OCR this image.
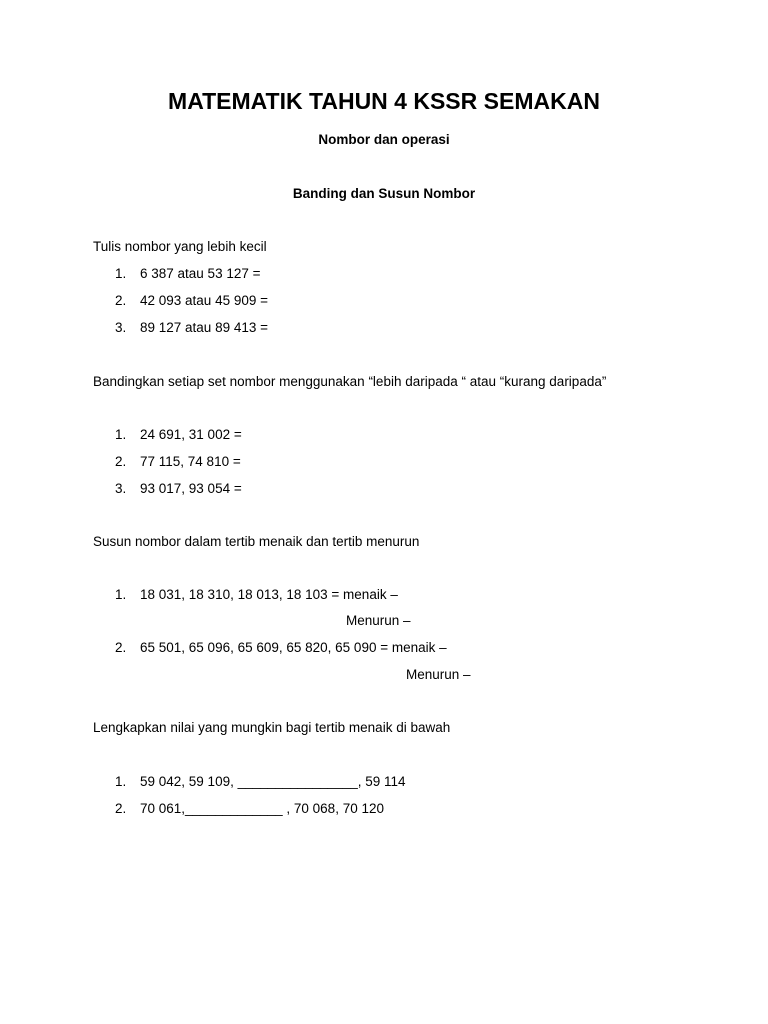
MATEMATIK TAHUN 4 KSSR SEMAKAN
Nombor dan operasi
Banding dan Susun Nombor
Tulis nombor yang lebih kecil
1.	6 387 atau 53 127 =
2.	42 093 atau 45 909 =
3.	89 127 atau 89 413 =
Bandingkan setiap set nombor menggunakan “lebih daripada “ atau “kurang daripada”
1.	24 691, 31 002 =
2.	77 115, 74 810 =
3.	93 017, 93 054 =
Susun nombor dalam tertib menaik dan tertib menurun
1.	18 031, 18 310, 18 013, 18 103 = menaik –
Menurun –
2.	65 501, 65 096, 65 609, 65 820, 65 090 = menaik –
Menurun –
Lengkapkan nilai yang mungkin bagi tertib menaik di bawah
1.	59 042, 59 109, ________________, 59 114
2.	70 061,_____________ , 70 068, 70 120
